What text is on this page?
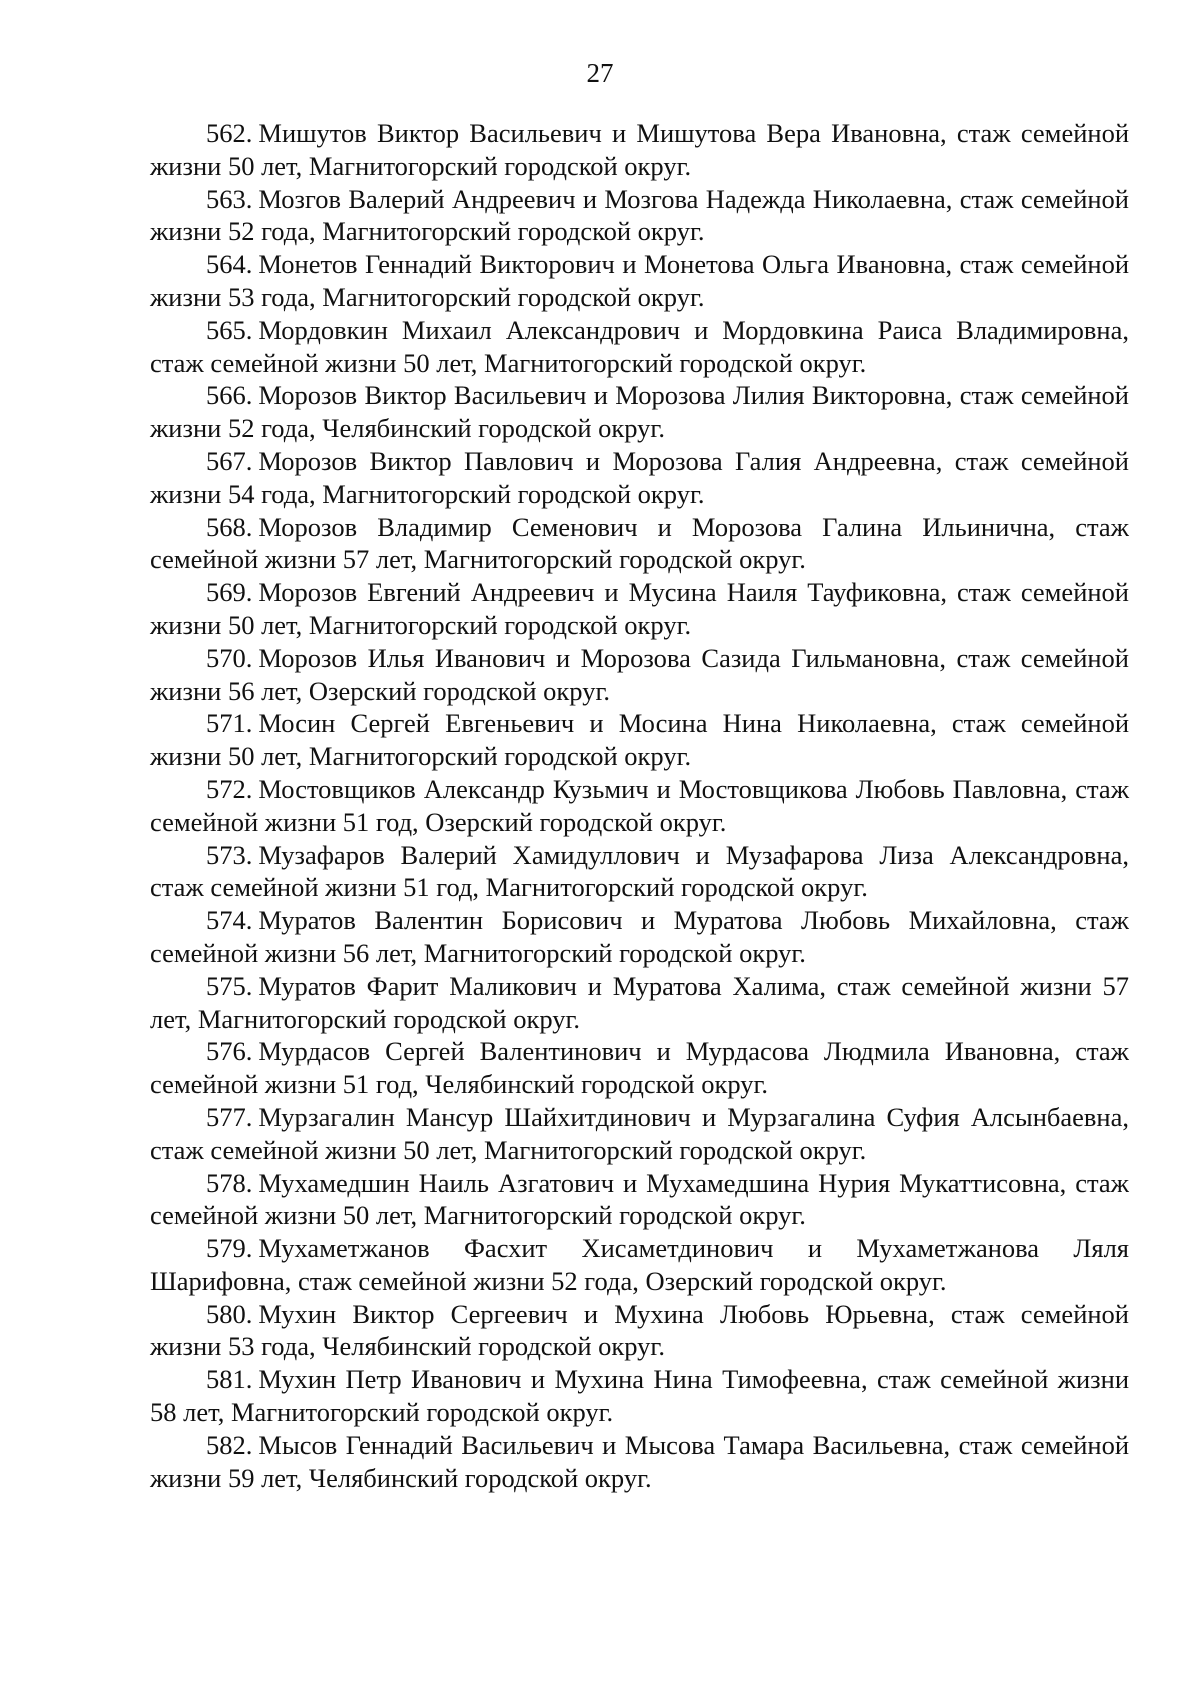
27
562. Мишутов Виктор Васильевич и Мишутова Вера Ивановна, стаж семейной жизни 50 лет, Магнитогорский городской округ.
563. Мозгов Валерий Андреевич и Мозгова Надежда Николаевна, стаж семейной жизни 52 года, Магнитогорский городской округ.
564. Монетов Геннадий Викторович и Монетова Ольга Ивановна, стаж семейной жизни 53 года, Магнитогорский городской округ.
565. Мордовкин Михаил Александрович и Мордовкина Раиса Владимировна, стаж семейной жизни 50 лет, Магнитогорский городской округ.
566. Морозов Виктор Васильевич и Морозова Лилия Викторовна, стаж семейной жизни 52 года, Челябинский городской округ.
567. Морозов Виктор Павлович и Морозова Галия Андреевна, стаж семейной жизни 54 года, Магнитогорский городской округ.
568. Морозов Владимир Семенович и Морозова Галина Ильинична, стаж семейной жизни 57 лет, Магнитогорский городской округ.
569. Морозов Евгений Андреевич и Мусина Наиля Тауфиковна, стаж семейной жизни 50 лет, Магнитогорский городской округ.
570. Морозов Илья Иванович и Морозова Сазида Гильмановна, стаж семейной жизни 56 лет, Озерский городской округ.
571. Мосин Сергей Евгеньевич и Мосина Нина Николаевна, стаж семейной жизни 50 лет, Магнитогорский городской округ.
572. Мостовщиков Александр Кузьмич и Мостовщикова Любовь Павловна, стаж семейной жизни 51 год, Озерский городской округ.
573. Музафаров Валерий Хамидуллович и Музафарова Лиза Александровна, стаж семейной жизни 51 год, Магнитогорский городской округ.
574. Муратов Валентин Борисович и Муратова Любовь Михайловна, стаж семейной жизни 56 лет, Магнитогорский городской округ.
575. Муратов Фарит Маликович и Муратова Халима, стаж семейной жизни 57 лет, Магнитогорский городской округ.
576. Мурдасов Сергей Валентинович и Мурдасова Людмила Ивановна, стаж семейной жизни 51 год, Челябинский городской округ.
577. Мурзагалин Мансур Шайхитдинович и Мурзагалина Суфия Алсынбаевна, стаж семейной жизни 50 лет, Магнитогорский городской округ.
578. Мухамедшин Наиль Азгатович и Мухамедшина Нурия Мукаттисовна, стаж семейной жизни 50 лет, Магнитогорский городской округ.
579. Мухаметжанов Фасхит Хисаметдинович и Мухаметжанова Ляля Шарифовна, стаж семейной жизни 52 года, Озерский городской округ.
580. Мухин Виктор Сергеевич и Мухина Любовь Юрьевна, стаж семейной жизни 53 года, Челябинский городской округ.
581. Мухин Петр Иванович и Мухина Нина Тимофеевна, стаж семейной жизни 58 лет, Магнитогорский городской округ.
582. Мысов Геннадий Васильевич и Мысова Тамара Васильевна, стаж семейной жизни 59 лет, Челябинский городской округ.
